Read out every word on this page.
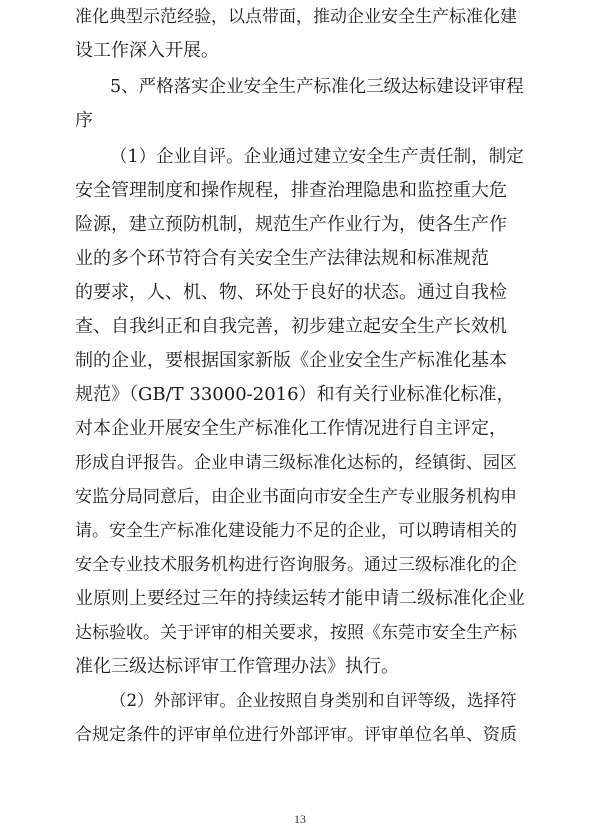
准化典型示范经验，以点带面，推动企业安全生产标准化建
设工作深入开展。
5、严格落实企业安全生产标准化三级达标建设评审程
序
（1）企业自评。企业通过建立安全生产责任制，制定
安全管理制度和操作规程，排查治理隐患和监控重大危
险源，建立预防机制，规范生产作业行为，使各生产作
业的多个环节符合有关安全生产法律法规和标准规范
的要求，人、机、物、环处于良好的状态。通过自我检
查、自我纠正和自我完善，初步建立起安全生产长效机
制的企业，要根据国家新版《企业安全生产标准化基本
规范》（GB/T 33000-2016）和有关行业标准化标准，
对本企业开展安全生产标准化工作情况进行自主评定，
形成自评报告。企业申请三级标准化达标的，经镇街、园区
安监分局同意后，由企业书面向市安全生产专业服务机构申
请。安全生产标准化建设能力不足的企业，可以聘请相关的
安全专业技术服务机构进行咨询服务。通过三级标准化的企
业原则上要经过三年的持续运转才能申请二级标准化企业
达标验收。关于评审的相关要求，按照《东莞市安全生产标
准化三级达标评审工作管理办法》执行。
（2）外部评审。企业按照自身类别和自评等级，选择符
合规定条件的评审单位进行外部评审。评审单位名单、资质
13
